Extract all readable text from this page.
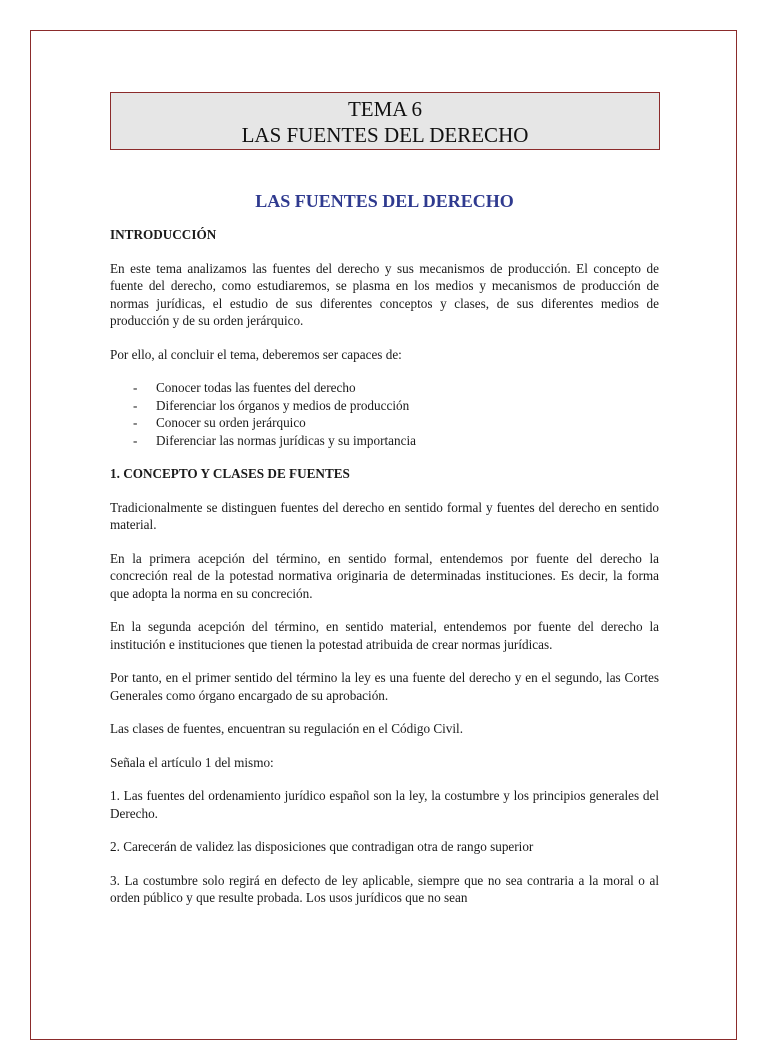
TEMA 6
LAS FUENTES DEL DERECHO
LAS FUENTES DEL DERECHO
INTRODUCCIÓN

En este tema analizamos las fuentes del derecho y sus mecanismos de producción. El concepto de fuente del derecho, como estudiaremos, se plasma en los medios y mecanismos de producción de normas jurídicas, el estudio de sus diferentes conceptos y clases, de sus diferentes medios de producción y de su orden jerárquico.

Por ello, al concluir el tema, deberemos ser capaces de:

- Conocer todas las fuentes del derecho
- Diferenciar los órganos y medios de producción
- Conocer su orden jerárquico
- Diferenciar las normas jurídicas y su importancia
1. CONCEPTO Y CLASES DE FUENTES

Tradicionalmente se distinguen fuentes del derecho en sentido formal y fuentes del derecho en sentido material.

En la primera acepción del término, en sentido formal, entendemos por fuente del derecho la concreción real de la potestad normativa originaria de determinadas instituciones. Es decir, la forma que adopta la norma en su concreción.

En la segunda acepción del término, en sentido material, entendemos por fuente del derecho la institución e instituciones que tienen la potestad atribuida de crear normas jurídicas.

Por tanto, en el primer sentido del término la ley es una fuente del derecho y en el segundo, las Cortes Generales como órgano encargado de su aprobación.

Las clases de fuentes, encuentran su regulación en el Código Civil.

Señala el artículo 1 del mismo:

1. Las fuentes del ordenamiento jurídico español son la ley, la costumbre y los principios generales del Derecho.

2. Carecerán de validez las disposiciones que contradigan otra de rango superior

3. La costumbre solo regirá en defecto de ley aplicable, siempre que no sea contraria a la moral o al orden público y que resulte probada. Los usos jurídicos que no sean
